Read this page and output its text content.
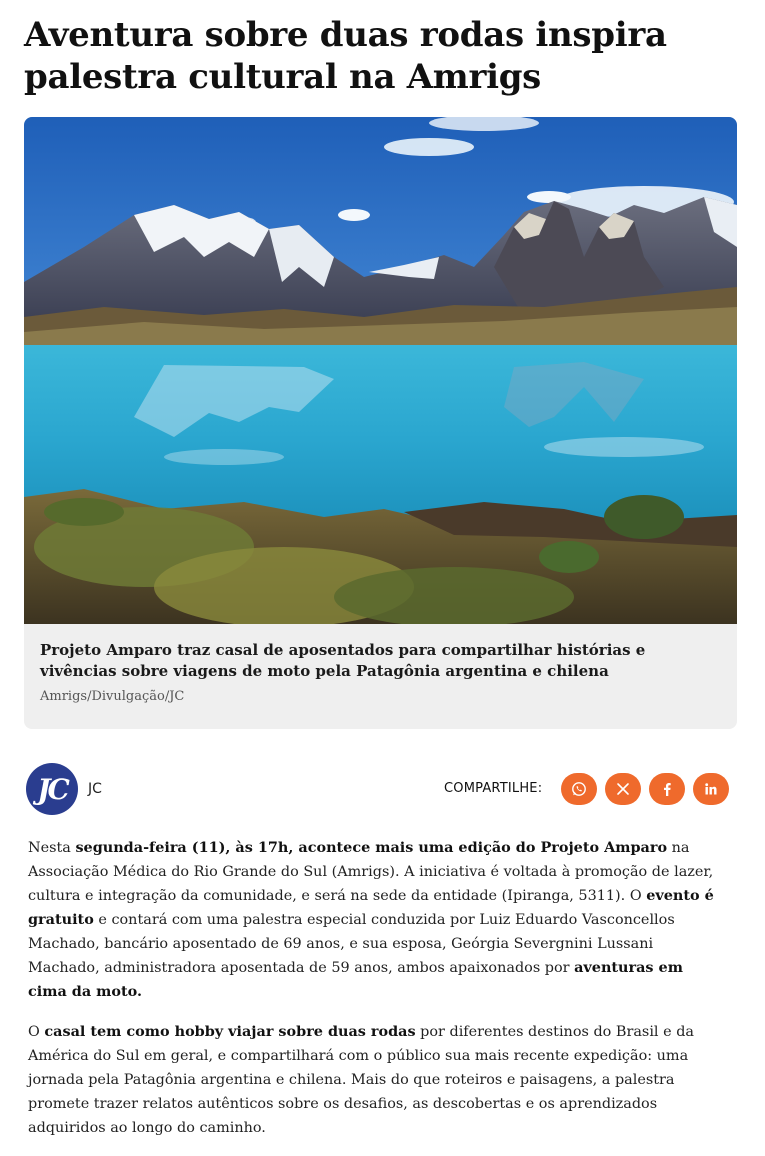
Aventura sobre duas rodas inspira palestra cultural na Amrigs

Projeto Amparo traz casal de aposentados para compartilhar histórias e vivências sobre viagens de moto pela Patagônia argentina e chilena

Amrigs/Divulgação/JC

JC	JC	COMPARTILHE:

Nesta segunda-feira (11), às 17h, acontece mais uma edição do Projeto Amparo na Associação Médica do Rio Grande do Sul (Amrigs). A iniciativa é voltada à promoção de lazer, cultura e integração da comunidade, e será na sede da entidade (Ipiranga, 5311). O evento é gratuito e contará com uma palestra especial conduzida por Luiz Eduardo Vasconcellos Machado, bancário aposentado de 69 anos, e sua esposa, Geórgia Severgnini Lussani Machado, administradora aposentada de 59 anos, ambos apaixonados por aventuras em cima da moto.

O casal tem como hobby viajar sobre duas rodas por diferentes destinos do Brasil e da América do Sul em geral, e compartilhará com o público sua mais recente expedição: uma jornada pela Patagônia argentina e chilena. Mais do que roteiros e paisagens, a palestra promete trazer relatos autênticos sobre os desafios, as descobertas e os aprendizados adquiridos ao longo do caminho.
